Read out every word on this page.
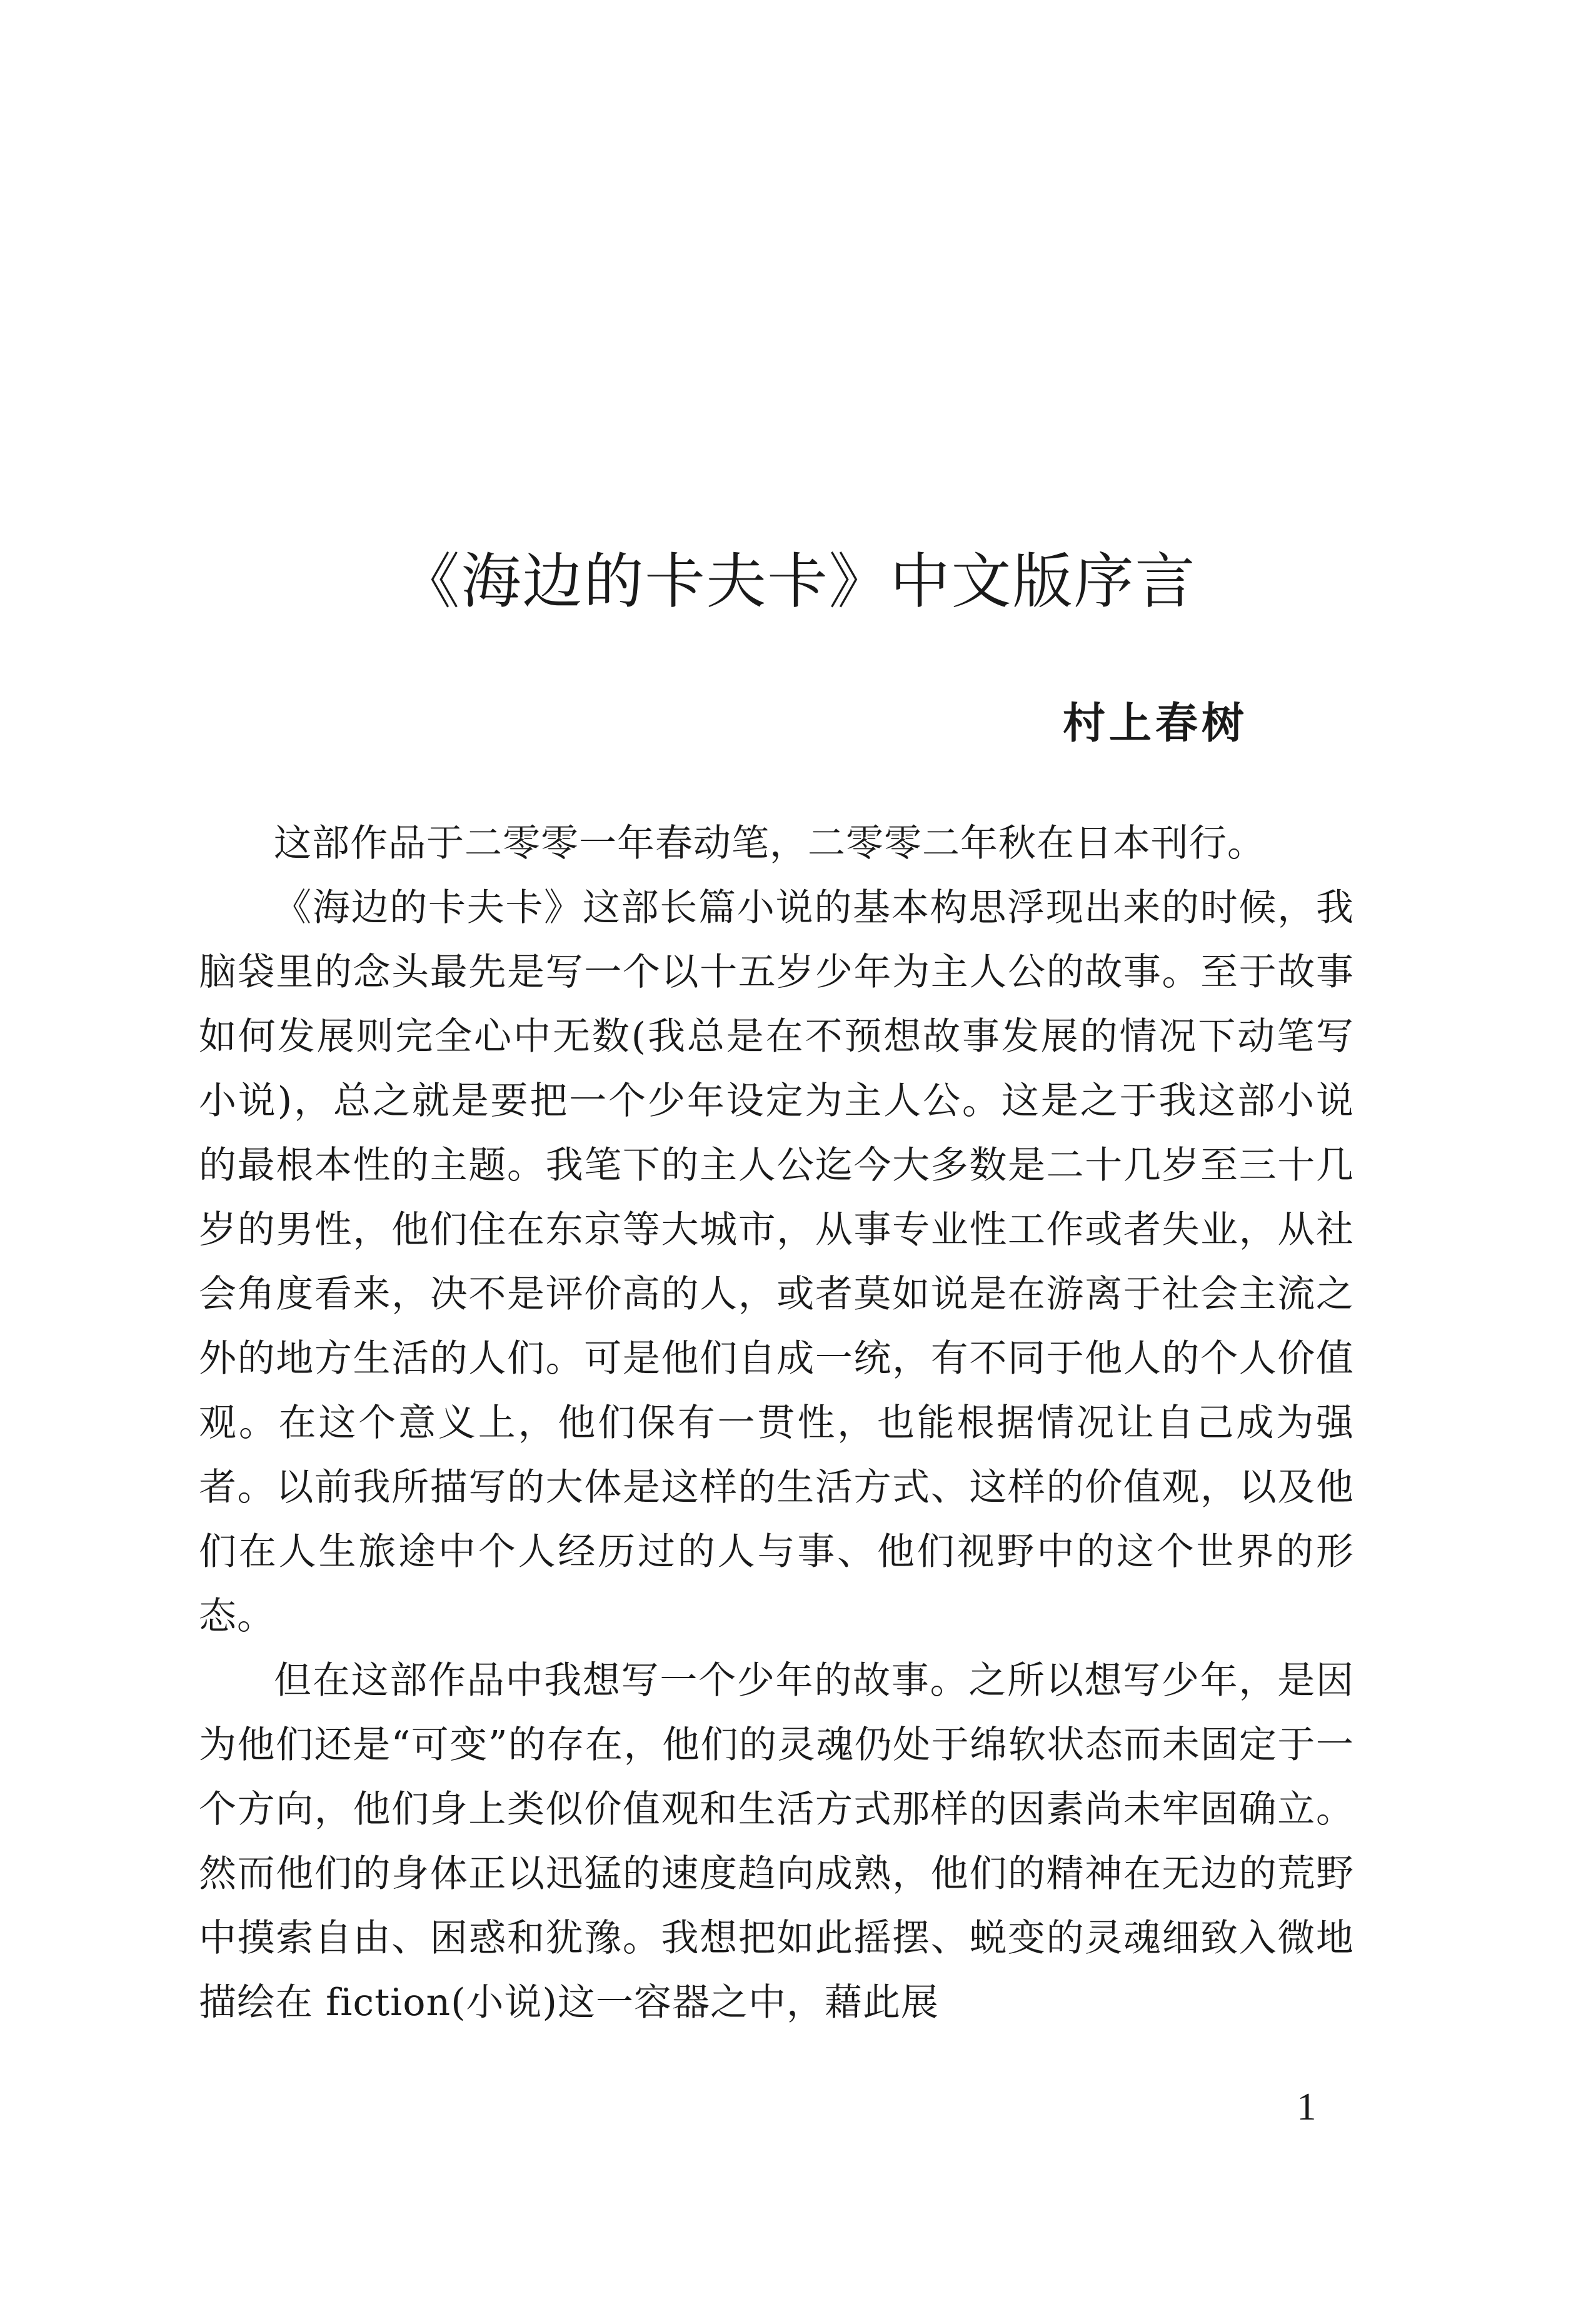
《海边的卡夫卡》中文版序言
村上春树

这部作品于二零零一年春动笔，二零零二年秋在日本刊行。

《海边的卡夫卡》这部长篇小说的基本构思浮现出来的时候，我脑袋里的念头最先是写一个以十五岁少年为主人公的故事。至于故事如何发展则完全心中无数(我总是在不预想故事发展的情况下动笔写小说)，总之就是要把一个少年设定为主人公。这是之于我这部小说的最根本性的主题。我笔下的主人公迄今大多数是二十几岁至三十几岁的男性，他们住在东京等大城市，从事专业性工作或者失业，从社会角度看来，决不是评价高的人，或者莫如说是在游离于社会主流之外的地方生活的人们。可是他们自成一统，有不同于他人的个人价值观。在这个意义上，他们保有一贯性，也能根据情况让自己成为强者。以前我所描写的大体是这样的生活方式、这样的价值观，以及他们在人生旅途中个人经历过的人与事、他们视野中的这个世界的形态。

但在这部作品中我想写一个少年的故事。之所以想写少年，是因为他们还是“可变”的存在，他们的灵魂仍处于绵软状态而未固定于一个方向，他们身上类似价值观和生活方式那样的因素尚未牢固确立。然而他们的身体正以迅猛的速度趋向成熟，他们的精神在无边的荒野中摸索自由、困惑和犹豫。我想把如此摇摆、蜕变的灵魂细致入微地描绘在 fiction(小说)这一容器之中，藉此展

1
